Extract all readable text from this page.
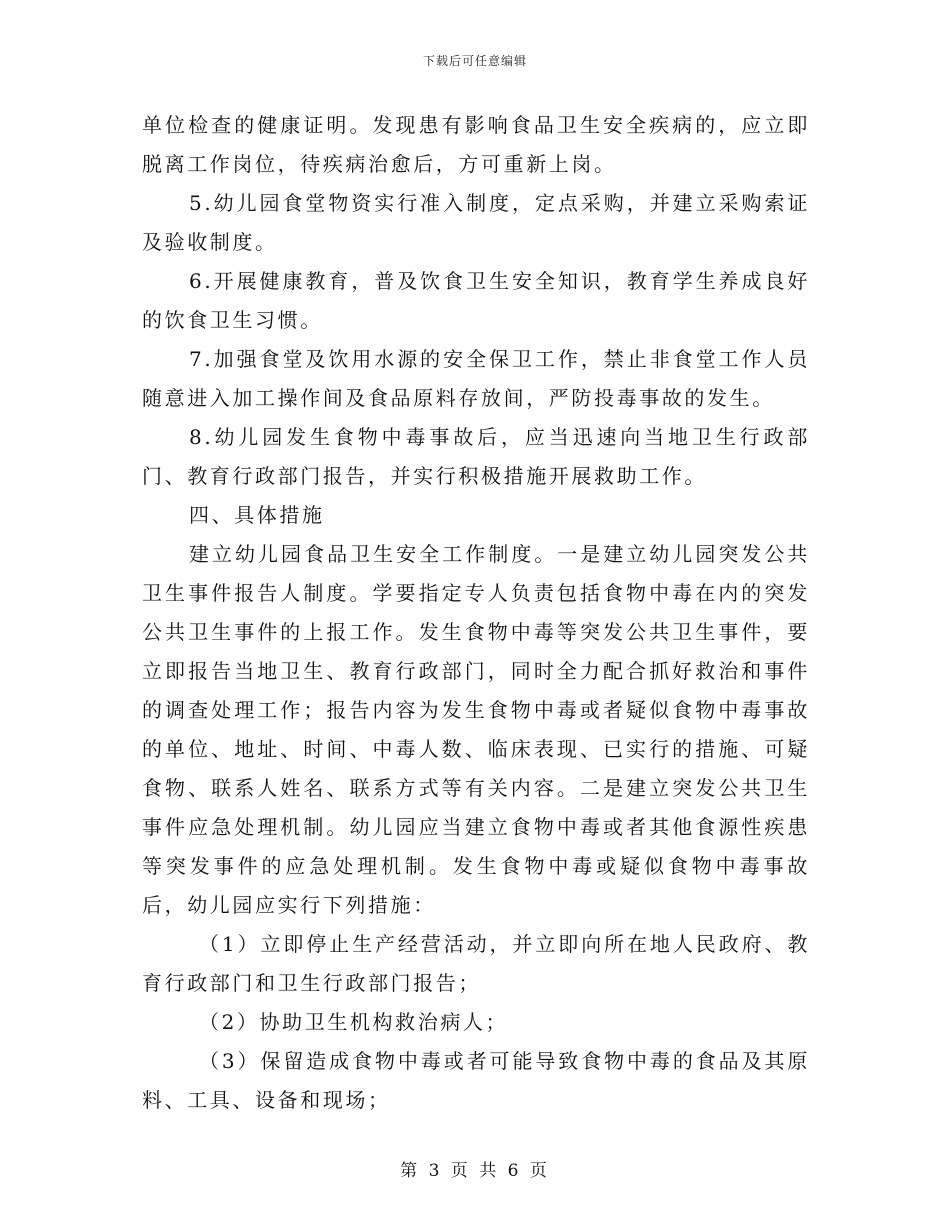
下载后可任意编辑

单位检查的健康证明。发现患有影响食品卫生安全疾病的，应立即脱离工作岗位，待疾病治愈后，方可重新上岗。

5.幼儿园食堂物资实行准入制度，定点采购，并建立采购索证及验收制度。

6.开展健康教育，普及饮食卫生安全知识，教育学生养成良好的饮食卫生习惯。

7.加强食堂及饮用水源的安全保卫工作，禁止非食堂工作人员随意进入加工操作间及食品原料存放间，严防投毒事故的发生。

8.幼儿园发生食物中毒事故后，应当迅速向当地卫生行政部门、教育行政部门报告，并实行积极措施开展救助工作。

四、具体措施

建立幼儿园食品卫生安全工作制度。一是建立幼儿园突发公共卫生事件报告人制度。学要指定专人负责包括食物中毒在内的突发公共卫生事件的上报工作。发生食物中毒等突发公共卫生事件，要立即报告当地卫生、教育行政部门，同时全力配合抓好救治和事件的调查处理工作；报告内容为发生食物中毒或者疑似食物中毒事故的单位、地址、时间、中毒人数、临床表现、已实行的措施、可疑食物、联系人姓名、联系方式等有关内容。二是建立突发公共卫生事件应急处理机制。幼儿园应当建立食物中毒或者其他食源性疾患等突发事件的应急处理机制。发生食物中毒或疑似食物中毒事故后，幼儿园应实行下列措施：

（1）立即停止生产经营活动，并立即向所在地人民政府、教育行政部门和卫生行政部门报告；

（2）协助卫生机构救治病人；

（3）保留造成食物中毒或者可能导致食物中毒的食品及其原料、工具、设备和现场；

第 3 页 共 6 页
